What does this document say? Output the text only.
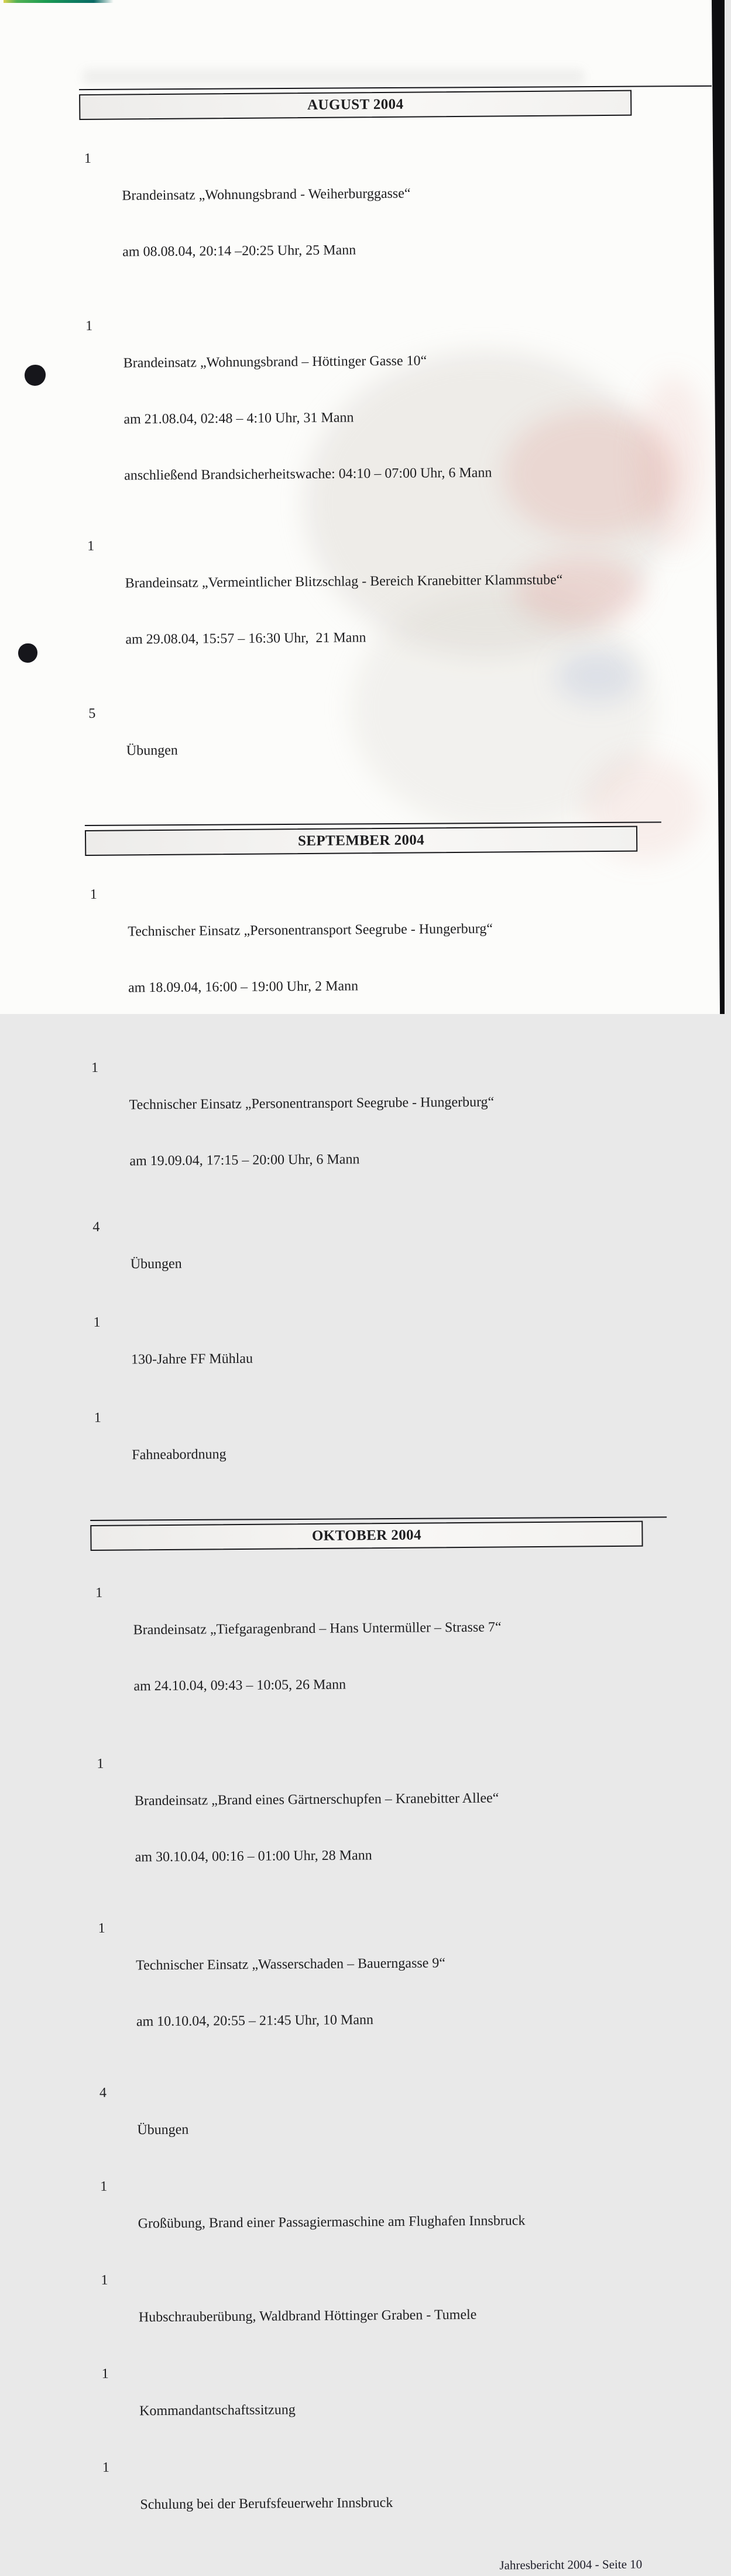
AUGUST 2004
1

Brandeinsatz „Wohnungsbrand - Weiherburggasse“

am 08.08.04, 20:14 –20:25 Uhr, 25 Mann

1

Brandeinsatz „Wohnungsbrand – Höttinger Gasse 10“

am 21.08.04, 02:48 – 4:10 Uhr, 31 Mann

anschließend Brandsicherheitswache: 04:10 – 07:00 Uhr, 6 Mann

1

Brandeinsatz „Vermeintlicher Blitzschlag - Bereich Kranebitter Klammstube“

am 29.08.04, 15:57 – 16:30 Uhr,  21 Mann

5

Übungen

SEPTEMBER 2004
1

Technischer Einsatz „Personentransport Seegrube - Hungerburg“

am 18.09.04, 16:00 – 19:00 Uhr, 2 Mann

1

Technischer Einsatz „Personentransport Seegrube - Hungerburg“

am 19.09.04, 17:15 – 20:00 Uhr, 6 Mann

4

Übungen

1

130-Jahre FF Mühlau

1

Fahneabordnung

OKTOBER 2004
1

Brandeinsatz „Tiefgaragenbrand – Hans Untermüller – Strasse 7“

am 24.10.04, 09:43 – 10:05, 26 Mann

1

Brandeinsatz „Brand eines Gärtnerschupfen – Kranebitter Allee“

am 30.10.04, 00:16 – 01:00 Uhr, 28 Mann

1

Technischer Einsatz „Wasserschaden – Bauerngasse 9“

am 10.10.04, 20:55 – 21:45 Uhr, 10 Mann

4

Übungen

1

Großübung, Brand einer Passagiermaschine am Flughafen Innsbruck

1

Hubschrauberübung, Waldbrand Höttinger Graben - Tumele

1

Kommandantschaftssitzung

1

Schulung bei der Berufsfeuerwehr Innsbruck

Jahresbericht 2004 - Seite 10
